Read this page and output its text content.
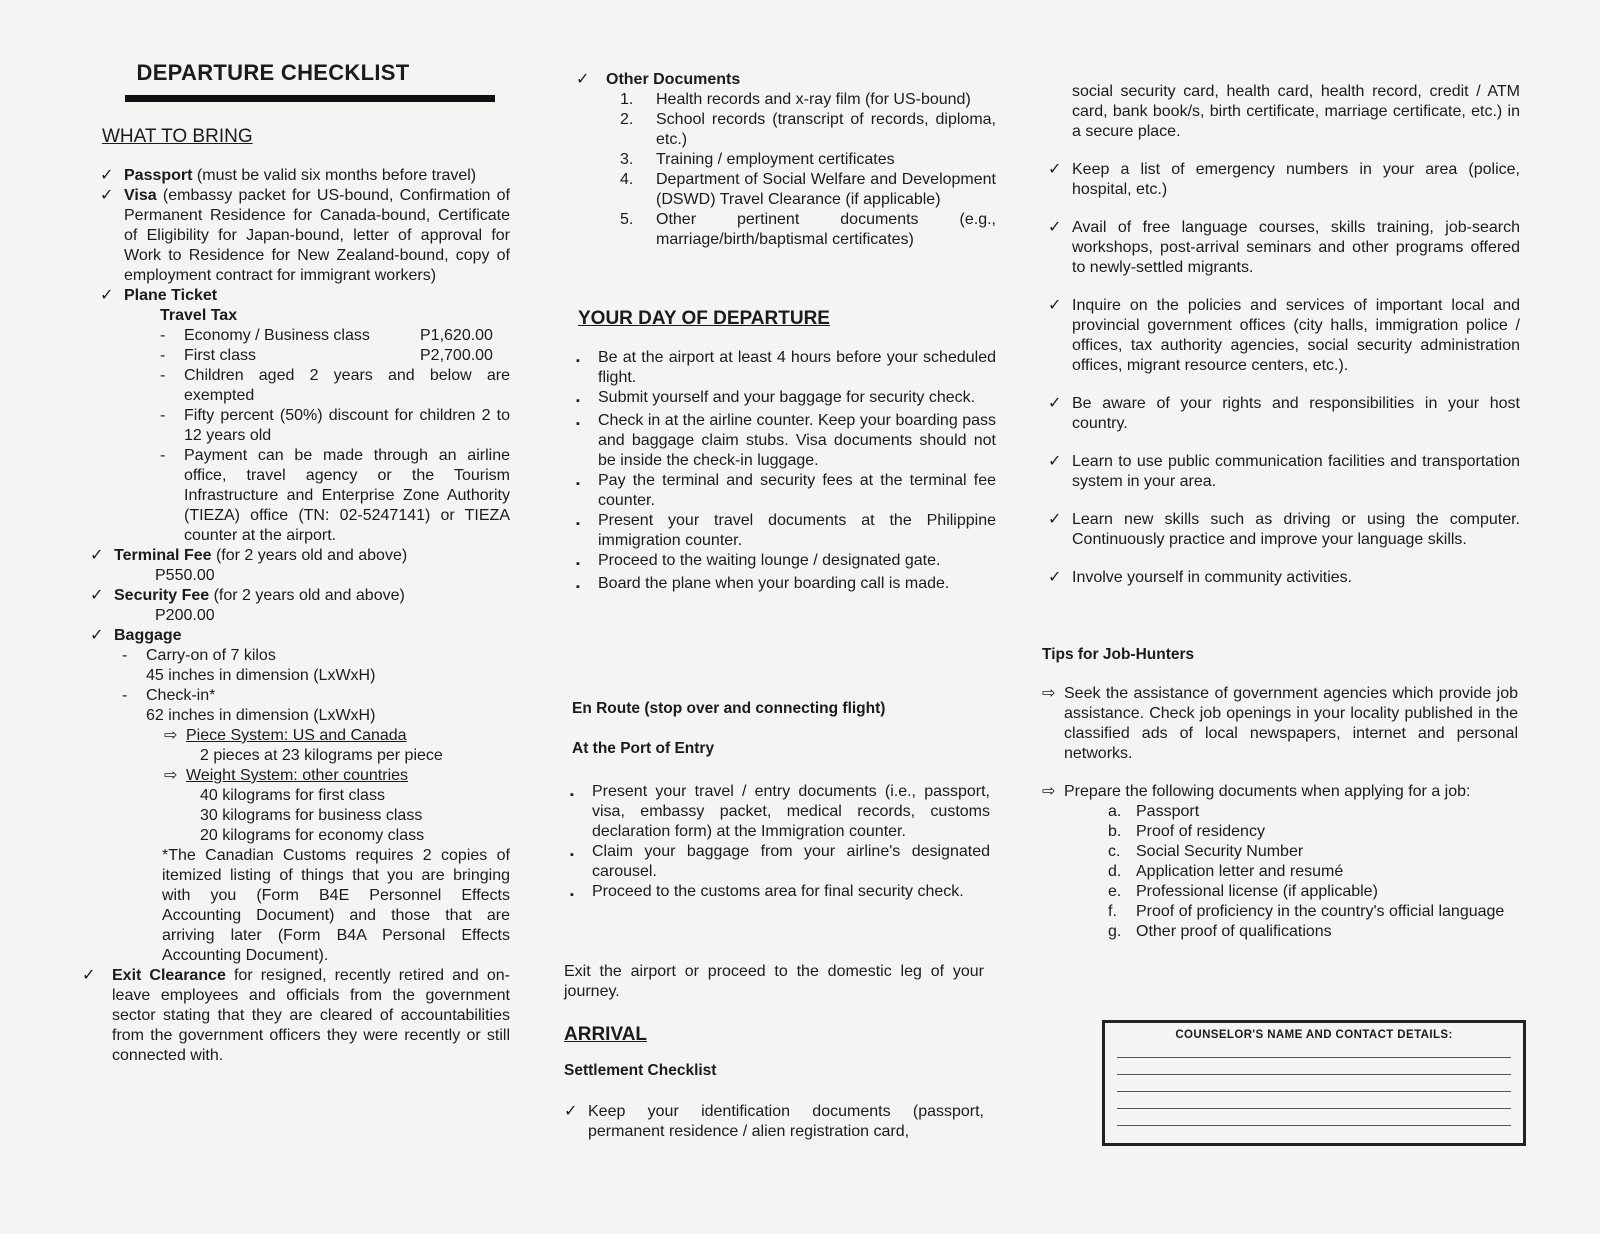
DEPARTURE CHECKLIST
WHAT TO BRING
✓ Passport (must be valid six months before travel)
✓ Visa (embassy packet for US-bound, Confirmation of Permanent Residence for Canada-bound, Certificate of Eligibility for Japan-bound, letter of approval for Work to Residence for New Zealand-bound, copy of employment contract for immigrant workers)
✓ Plane Ticket
Travel Tax
-	Economy / Business class	P1,620.00
-	First class	P2,700.00
-	Children aged 2 years and below are exempted
-	Fifty percent (50%) discount for children 2 to 12 years old
-	Payment can be made through an airline office, travel agency or the Tourism Infrastructure and Enterprise Zone Authority (TIEZA) office (TN: 02-5247141) or TIEZA counter at the airport.
✓ Terminal Fee (for 2 years old and above)
P550.00
✓ Security Fee (for 2 years old and above)
P200.00
✓ Baggage
-	Carry-on of 7 kilos
45 inches in dimension (LxWxH)
-	Check-in*
62 inches in dimension (LxWxH)
⇨ Piece System: US and Canada
2 pieces at 23 kilograms per piece
⇨ Weight System: other countries
40 kilograms for first class
30 kilograms for business class
20 kilograms for economy class
*The Canadian Customs requires 2 copies of itemized listing of things that you are bringing with you (Form B4E Personnel Effects Accounting Document) and those that are arriving later (Form B4A Personal Effects Accounting Document).
✓	Exit Clearance for resigned, recently retired and on-leave employees and officials from the government sector stating that they are cleared of accountabilities from the government officers they were recently or still connected with.
✓	Other Documents
1.	Health records and x-ray film (for US-bound)
2.	School records (transcript of records, diploma, etc.)
3.	Training / employment certificates
4.	Department of Social Welfare and Development (DSWD) Travel Clearance (if applicable)
5.	Other pertinent documents (e.g., marriage/birth/baptismal certificates)
YOUR DAY OF DEPARTURE
▪	Be at the airport at least 4 hours before your scheduled flight.
▪	Submit yourself and your baggage for security check.
▪	Check in at the airline counter. Keep your boarding pass and baggage claim stubs. Visa documents should not be inside the check-in luggage.
▪	Pay the terminal and security fees at the terminal fee counter.
▪	Present your travel documents at the Philippine immigration counter.
▪	Proceed to the waiting lounge / designated gate.
▪	Board the plane when your boarding call is made.
En Route (stop over and connecting flight)
At the Port of Entry
▪	Present your travel / entry documents (i.e., passport, visa, embassy packet, medical records, customs declaration form) at the Immigration counter.
▪	Claim your baggage from your airline's designated carousel.
▪	Proceed to the customs area for final security check.
Exit the airport or proceed to the domestic leg of your journey.
ARRIVAL
Settlement Checklist
✓ Keep your identification documents (passport, permanent residence / alien registration card,
social security card, health card, health record, credit / ATM card, bank book/s, birth certificate, marriage certificate, etc.) in a secure place.
✓ Keep a list of emergency numbers in your area (police, hospital, etc.)
✓ Avail of free language courses, skills training, job-search workshops, post-arrival seminars and other programs offered to newly-settled migrants.
✓ Inquire on the policies and services of important local and provincial government offices (city halls, immigration police / offices, tax authority agencies, social security administration offices, migrant resource centers, etc.).
✓ Be aware of your rights and responsibilities in your host country.
✓ Learn to use public communication facilities and transportation system in your area.
✓ Learn new skills such as driving or using the computer. Continuously practice and improve your language skills.
✓ Involve yourself in community activities.
Tips for Job-Hunters
⇨ Seek the assistance of government agencies which provide job assistance. Check job openings in your locality published in the classified ads of local newspapers, internet and personal networks.
⇨ Prepare the following documents when applying for a job:
a. Passport
b. Proof of residency
c. Social Security Number
d. Application letter and resumé
e. Professional license (if applicable)
f.	Proof of proficiency in the country's official language
g. Other proof of qualifications
COUNSELOR'S NAME AND CONTACT DETAILS:
